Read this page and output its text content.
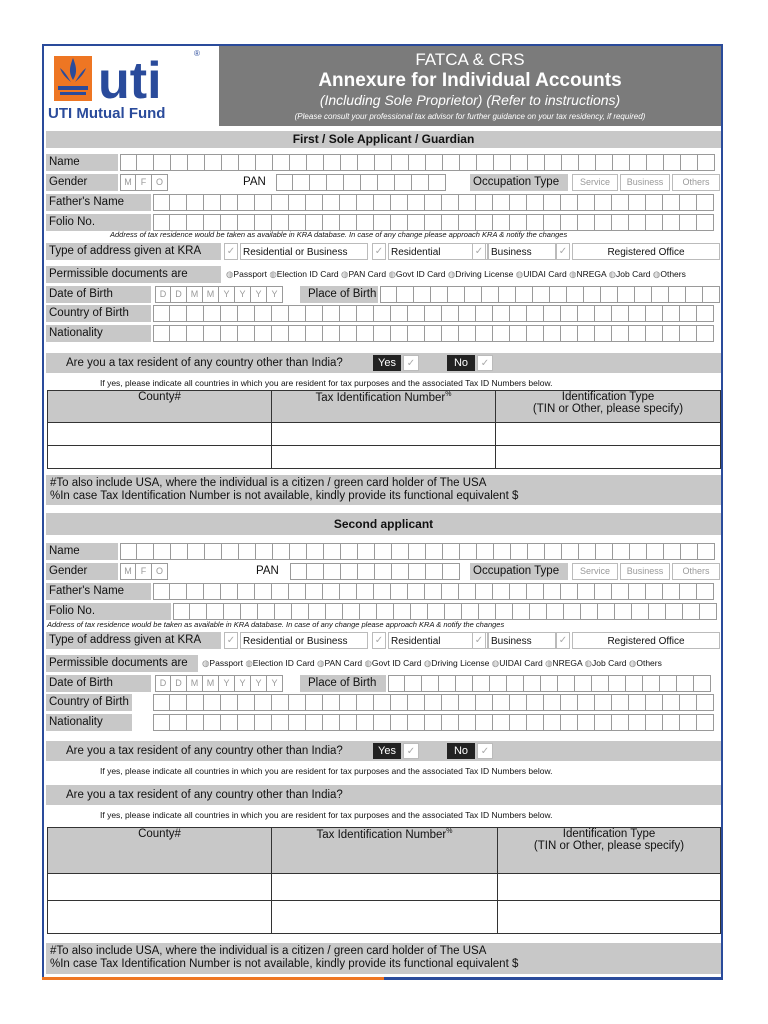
uti	®
UTI Mutual Fund
FATCA & CRS
Annexure for Individual Accounts
(Including Sole Proprietor) (Refer to instructions)
(Please consult your professional tax advisor for further guidance on your tax residency, if required)
First / Sole Applicant / Guardian
Name
Gender	M	F	O	PAN	Occupation Type	Service	Business	Others
Father's Name
Folio No.
Address of tax residence would be taken as available in KRA database. In case of any change please approach KRA & notify the changes
Type of address given at KRA	✓ Residential or Business	✓ Residential	✓ Business	✓	Registered Office
Permissible documents are	◍Passport ◍Election ID Card ◍PAN Card ◍Govt ID Card ◍Driving License ◍UIDAI Card ◍NREGA ◍Job Card ◍Others
Date of Birth	D	D	M M	Y	Y	Y	Y	Place of Birth
Country of Birth
Nationality
Are you a tax resident of any country other than India?	Yes	✓	No	✓
If yes, please indicate all countries in which you are resident for tax purposes and the associated Tax ID Numbers below.
County#	Tax Identification Number%	Identification Type
(TIN or Other, please specify)

#To also include USA, where the individual is a citizen / green card holder of The USA
%In case Tax Identification Number is not available, kindly provide its functional equivalent $
Second applicant
Name
Gender	M	F	O	PAN	Occupation Type	Service	Business	Others
Father's Name
Folio No.
Address of tax residence would be taken as available in KRA database. In case of any change please approach KRA & notify the changes
Type of address given at KRA	✓ Residential or Business	✓ Residential	✓ Business	✓	Registered Office
Permissible documents are	◍Passport ◍Election ID Card ◍PAN Card ◍Govt ID Card ◍Driving License ◍UIDAI Card ◍NREGA ◍Job Card ◍Others
Date of Birth	D	D	M M	Y	Y	Y	Y	Place of Birth
Country of Birth
Nationality
Are you a tax resident of any country other than India?	Yes	✓	No	✓
If yes, please indicate all countries in which you are resident for tax purposes and the associated Tax ID Numbers below.
Are you a tax resident of any country other than India?
If yes, please indicate all countries in which you are resident for tax purposes and the associated Tax ID Numbers below.
County#	Tax Identification Number%	Identification Type
(TIN or Other, please specify)

#To also include USA, where the individual is a citizen / green card holder of The USA
%In case Tax Identification Number is not available, kindly provide its functional equivalent $
